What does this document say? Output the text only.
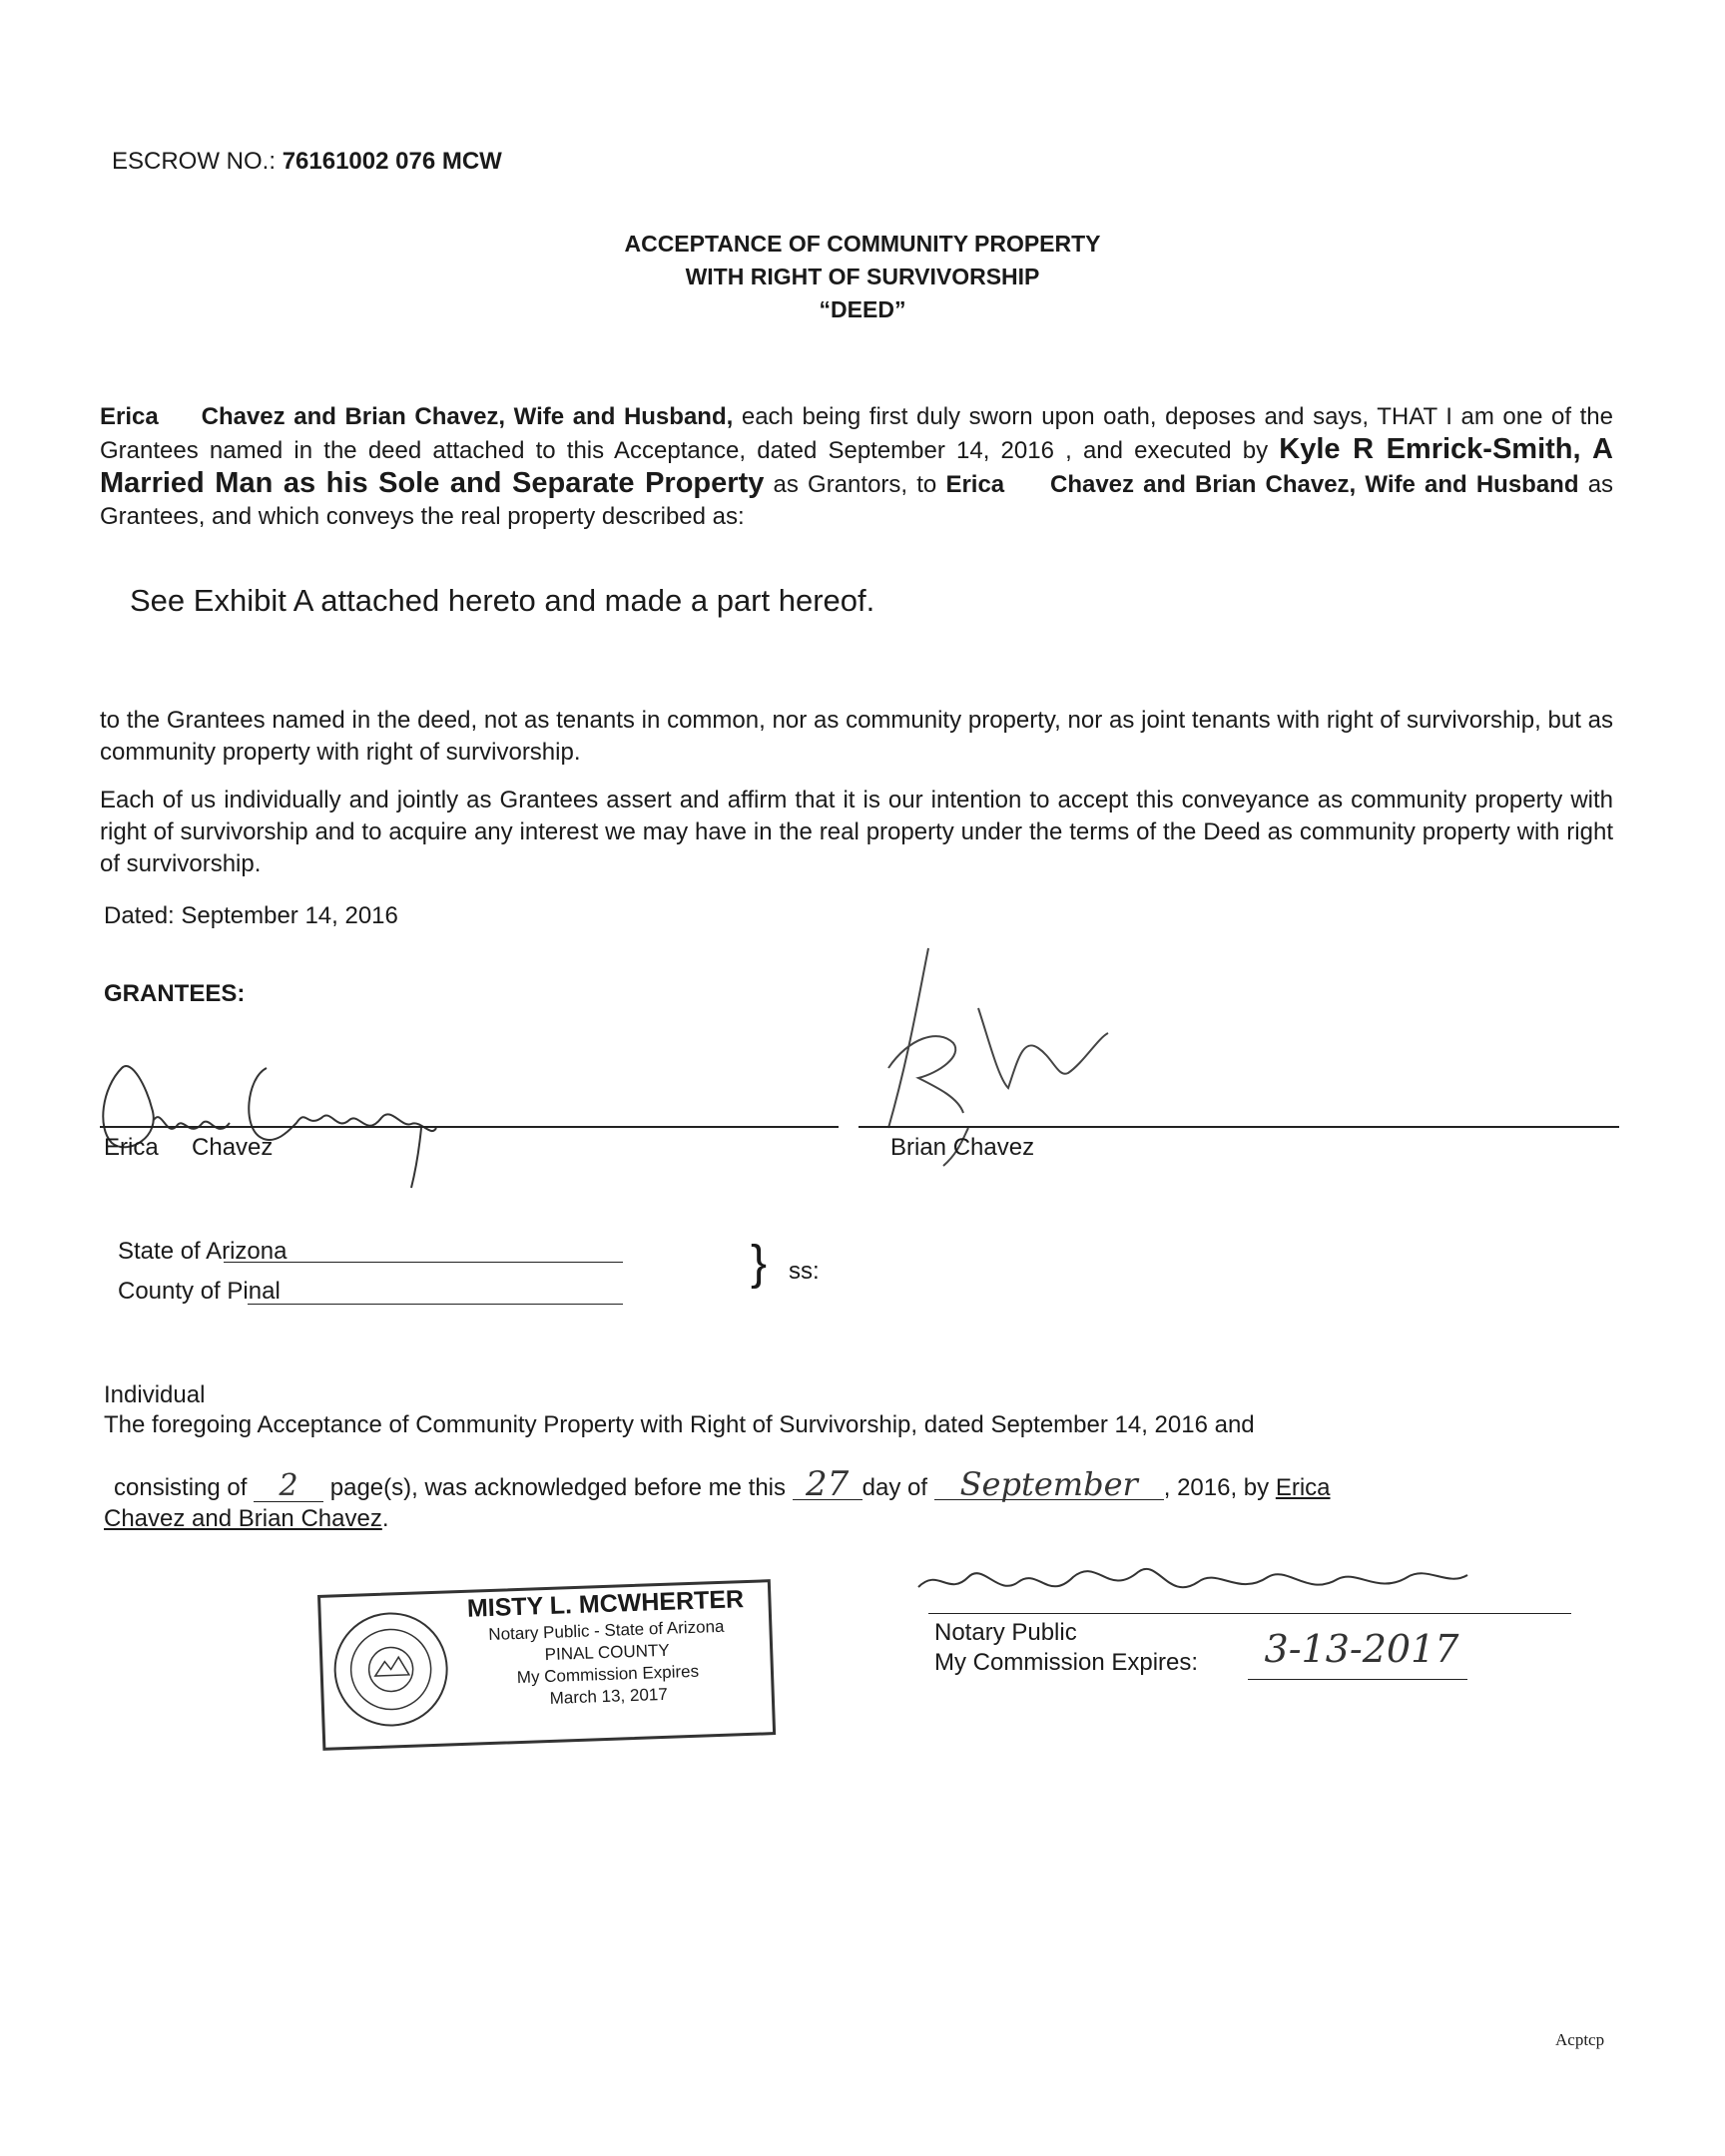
ESCROW NO.: 76161002 076 MCW
ACCEPTANCE OF COMMUNITY PROPERTY
WITH RIGHT OF SURVIVORSHIP
“DEED”
Erica Chavez and Brian Chavez, Wife and Husband, each being first duly sworn upon oath, deposes and says, THAT I am one of the Grantees named in the deed attached to this Acceptance, dated September 14, 2016 , and executed by Kyle R Emrick-Smith, A Married Man as his Sole and Separate Property as Grantors, to Erica Chavez and Brian Chavez, Wife and Husband as Grantees, and which conveys the real property described as:
See Exhibit A attached hereto and made a part hereof.
to the Grantees named in the deed, not as tenants in common, nor as community property, nor as joint tenants with right of survivorship, but as community property with right of survivorship.
Each of us individually and jointly as Grantees assert and affirm that it is our intention to accept this conveyance as community property with right of survivorship and to acquire any interest we may have in the real property under the terms of the Deed as community property with right of survivorship.
Dated: September 14, 2016
GRANTEES:
Erica Chavez	Brian Chavez
State of Arizona
County of Pinal
} ss:
Individual
The foregoing Acceptance of Community Property with Right of Survivorship, dated September 14, 2016 and
consisting of 2 page(s), was acknowledged before me this 27 day of September , 2016, by Erica
Chavez and Brian Chavez.
MISTY L. MCWHERTER
Notary Public - State of Arizona
PINAL COUNTY
My Commission Expires
March 13, 2017
Notary Public
My Commission Expires:	3-13-2017
Acptcp
